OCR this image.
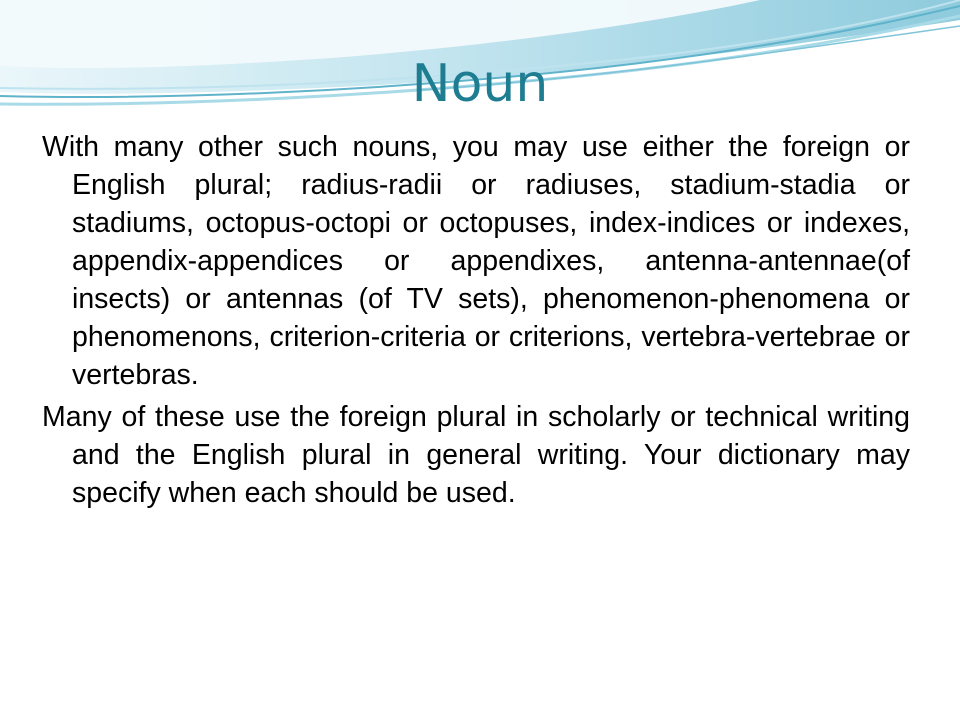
Noun

With many other such nouns, you may use either the foreign or English plural; radius-radii or radiuses, stadium-stadia or stadiums, octopus-octopi or octopuses, index-indices or indexes, appendix-appendices or appendixes, antenna-antennae(of insects) or antennas (of TV sets), phenomenon-phenomena or phenomenons, criterion-criteria or criterions, vertebra-vertebrae or vertebras.

Many of these use the foreign plural in scholarly or technical writing and the English plural in general writing. Your dictionary may specify when each should be used.
